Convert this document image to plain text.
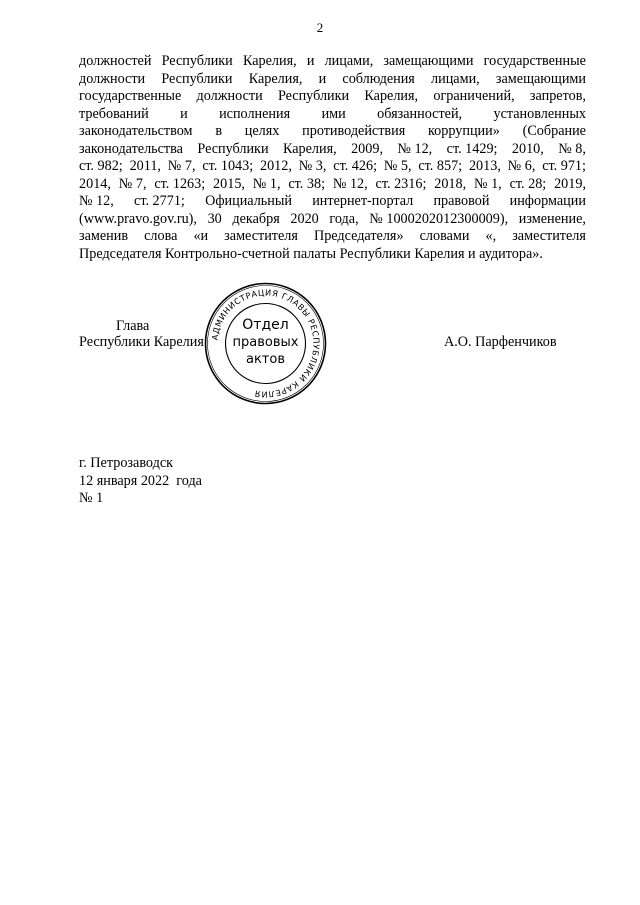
2
должностей Республики Карелия, и лицами, замещающими государственные
должности Республики Карелия, и соблюдения лицами, замещающими
государственные должности Республики Карелия, ограничений, запретов,
требований и исполнения ими обязанностей, установленных
законодательством в целях противодействия коррупции» (Собрание
законодательства Республики Карелия, 2009, № 12, ст. 1429; 2010, № 8,
ст. 982; 2011, № 7, ст. 1043; 2012, № 3, ст. 426; № 5, ст. 857; 2013, № 6, ст. 971;
2014, № 7, ст. 1263; 2015, № 1, ст. 38; № 12, ст. 2316; 2018, № 1, ст. 28; 2019,
№ 12, ст. 2771; Официальный интернет-портал правовой информации
(www.pravo.gov.ru), 30 декабря 2020 года, № 1000202012300009), изменение,
заменив слова «и заместителя Председателя» словами «, заместителя
Председателя Контрольно-счетной палаты Республики Карелия и аудитора».
Глава
Республики Карелия	А.О. Парфенчиков
АДМИНИСТРАЦИЯ ГЛАВЫ РЕСПУБЛИКИ КАРЕЛИЯ
Отдел
правовых
актов
г. Петрозаводск
12 января 2022  года
№ 1
